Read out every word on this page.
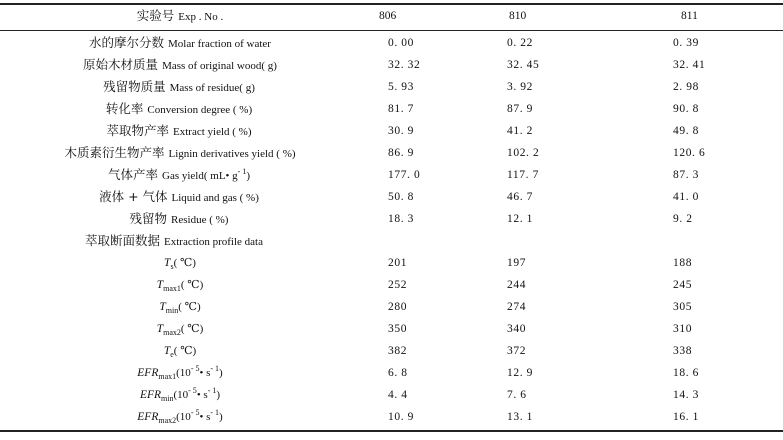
实验号 Exp . No .	806	810	811
水的摩尔分数 Molar fraction of water	0. 00	0. 22	0. 39
原始木材质量 Mass of original wood( g)	32. 32	32. 45	32. 41
残留物质量 Mass of residue( g)	5. 93	3. 92	2. 98
转化率 Conversion degree ( %)	81. 7	87. 9	90. 8
萃取物产率 Extract yield ( %)	30. 9	41. 2	49. 8
木质素衍生物产率 Lignin derivatives yield ( %)	86. 9	102. 2	120. 6
气体产率 Gas yield( mL• $g^{- 1}$)	177. 0	117. 7	87. 3
液体 + 气体 Liquid and gas ( %)	50. 8	46. 7	41. 0
残留物 Residue ( %)	18. 3	12. 1	9. 2
萃取断面数据 Extraction profile data
$T_s$( ℃)	201	197	188
$T_{max1}$( ℃)	252	244	245
$T_{min}$( ℃)	280	274	305
$T_{max2}$( ℃)	350	340	310
$T_e$( ℃)	382	372	338
$EFR_{max1}(10^{- 5}•$ $s^{- 1}$)	6. 8	12. 9	18. 6
$EFR_{min}(10^{- 5}•$ $s^{- 1}$)	4. 4	7. 6	14. 3
$EFR_{max2}(10^{- 5}•$ $s^{- 1}$)	10. 9	13. 1	16. 1
